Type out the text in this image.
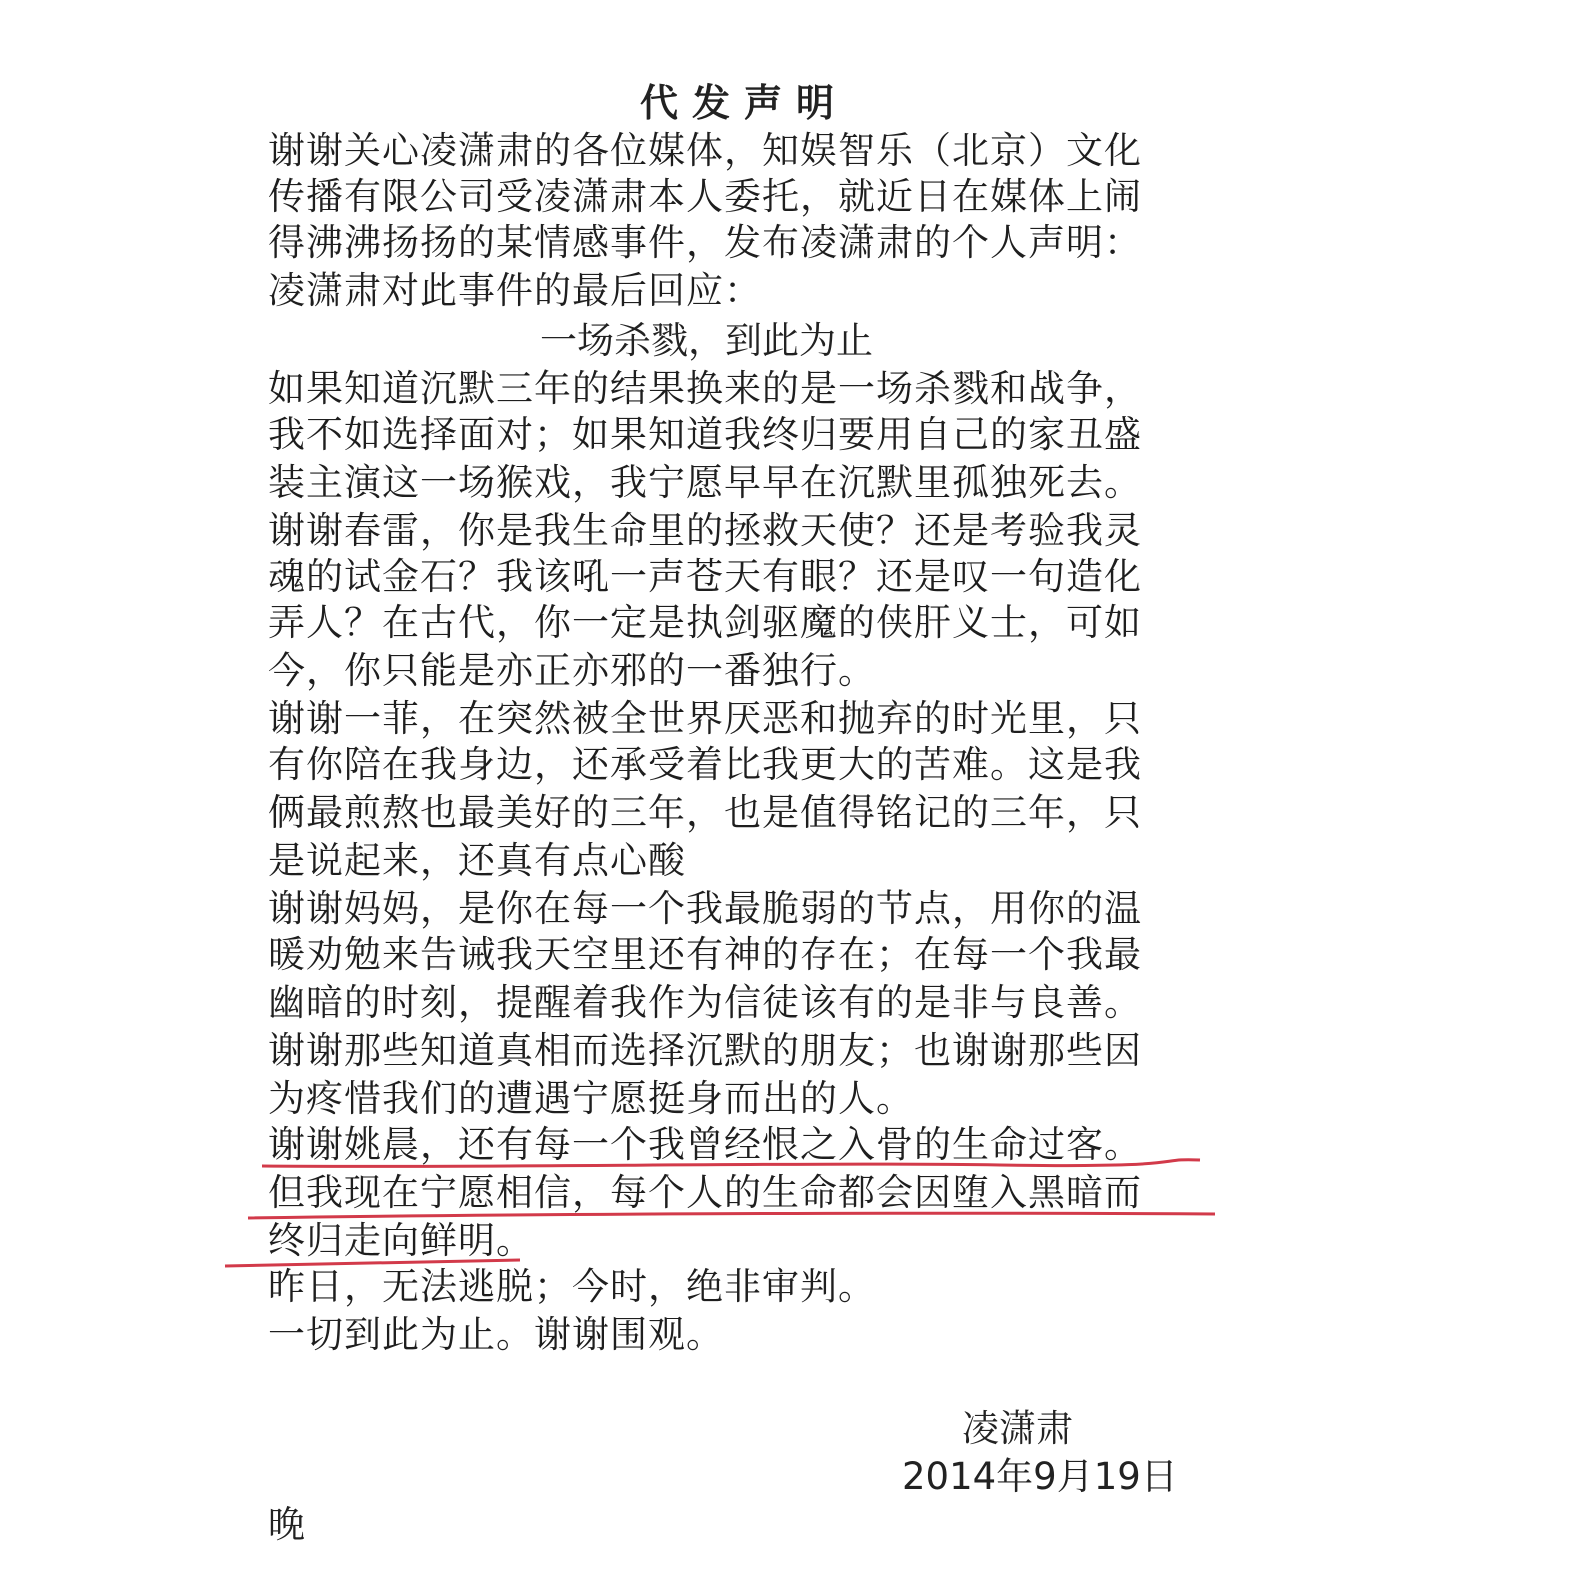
代发声明
谢谢关心凌潇肃的各位媒体，知娱智乐（北京）文化
传播有限公司受凌潇肃本人委托，就近日在媒体上闹
得沸沸扬扬的某情感事件，发布凌潇肃的个人声明：
凌潇肃对此事件的最后回应：
一场杀戮，到此为止
如果知道沉默三年的结果换来的是一场杀戮和战争，
我不如选择面对；如果知道我终归要用自己的家丑盛
装主演这一场猴戏，我宁愿早早在沉默里孤独死去。
谢谢春雷，你是我生命里的拯救天使？还是考验我灵
魂的试金石？我该吼一声苍天有眼？还是叹一句造化
弄人？在古代，你一定是执剑驱魔的侠肝义士，可如
今，你只能是亦正亦邪的一番独行。
谢谢一菲，在突然被全世界厌恶和抛弃的时光里，只
有你陪在我身边，还承受着比我更大的苦难。这是我
俩最煎熬也最美好的三年，也是值得铭记的三年，只
是说起来，还真有点心酸
谢谢妈妈，是你在每一个我最脆弱的节点，用你的温
暖劝勉来告诫我天空里还有神的存在；在每一个我最
幽暗的时刻，提醒着我作为信徒该有的是非与良善。
谢谢那些知道真相而选择沉默的朋友；也谢谢那些因
为疼惜我们的遭遇宁愿挺身而出的人。
谢谢姚晨，还有每一个我曾经恨之入骨的生命过客。
但我现在宁愿相信，每个人的生命都会因堕入黑暗而
终归走向鲜明。
昨日，无法逃脱；今时，绝非审判。
一切到此为止。谢谢围观。
凌潇肃
2014年9月19日
晚
